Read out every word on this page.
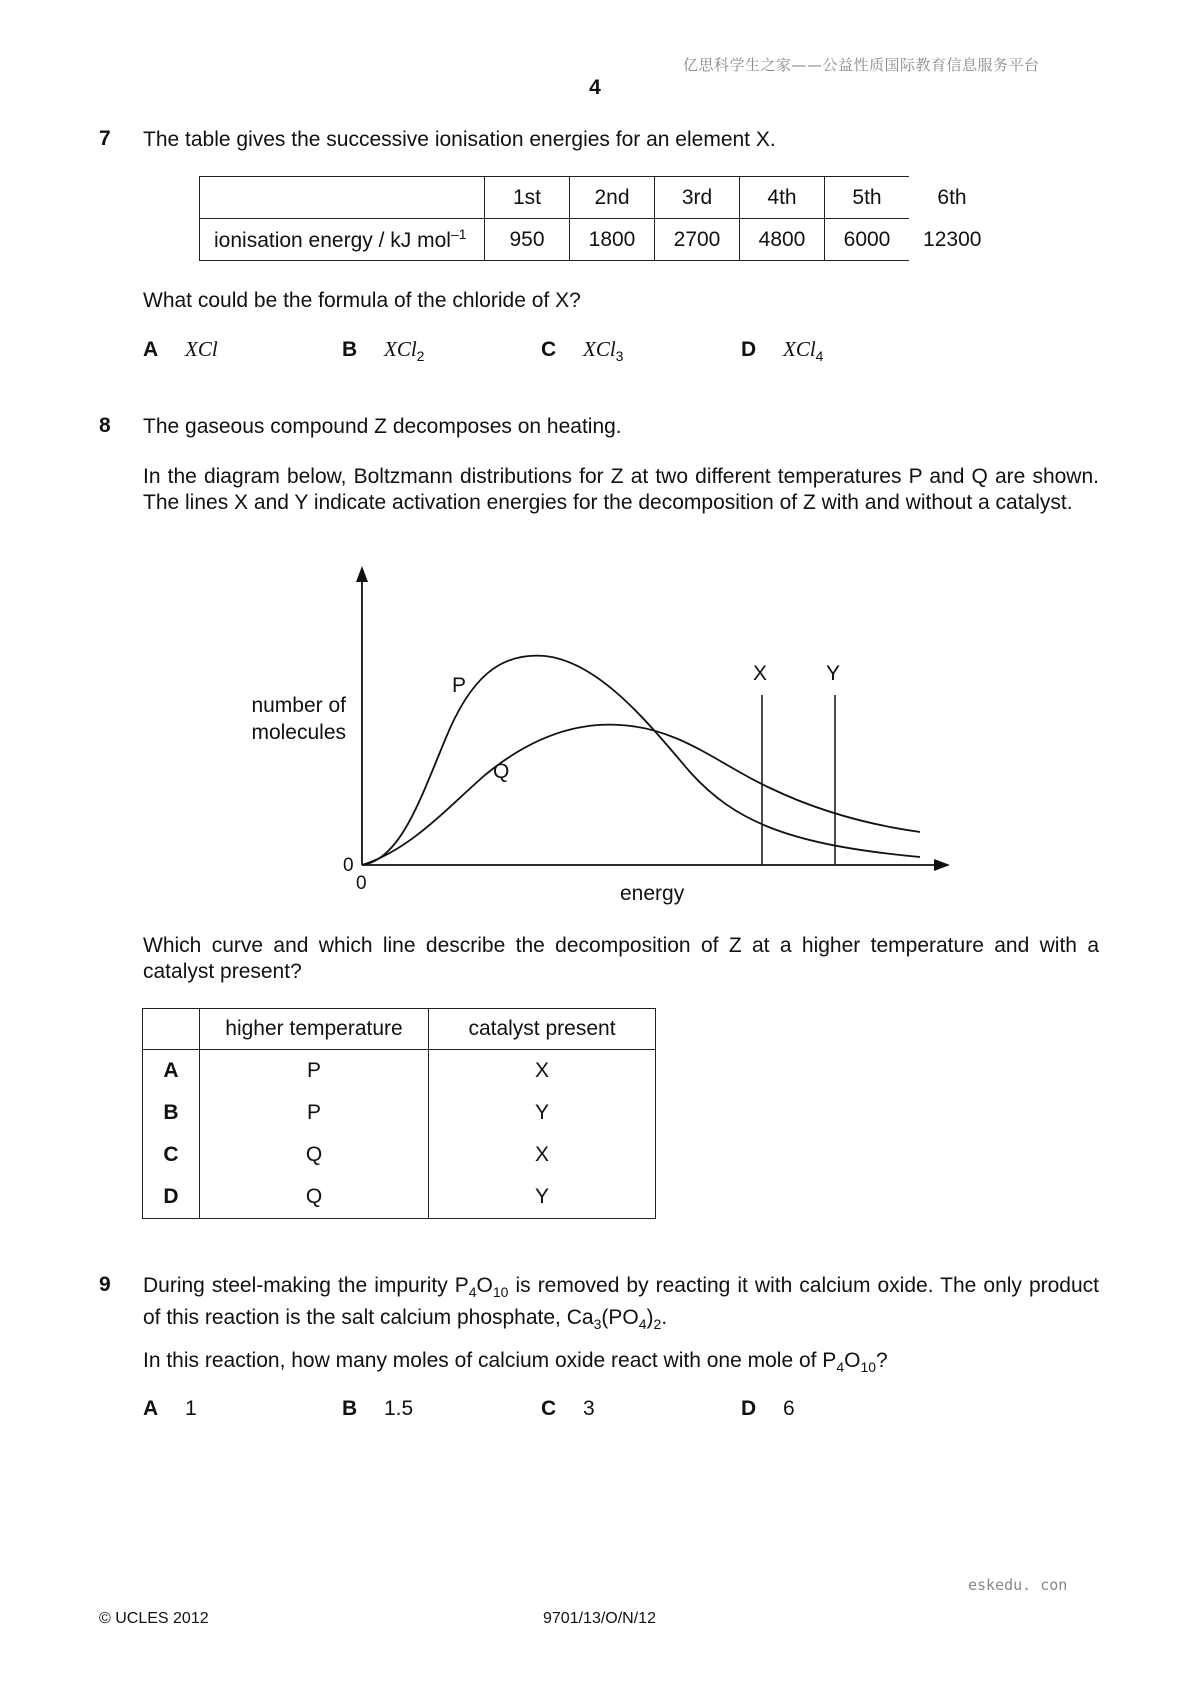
亿思科学生之家——公益性质国际教育信息服务平台
4
7 The table gives the successive ionisation energies for an element X.
	1st	2nd	3rd	4th	5th	6th
ionisation energy / kJ mol$^{-1}$	950	1800	2700	4800	6000	12300
What could be the formula of the chloride of X?
A XCl	B XCl$_2$	C XCl$_3$	D XCl$_4$
8 The gaseous compound Z decomposes on heating.
In the diagram below, Boltzmann distributions for Z at two different temperatures P and Q are shown. The lines X and Y indicate activation energies for the decomposition of Z with and without a catalyst.
X	Y
P
Q
number of
molecules
0
0	energy
Which curve and which line describe the decomposition of Z at a higher temperature and with a catalyst present?
	higher temperature	catalyst present
A	P	X
B	P	Y
C	Q	X
D	Q	Y
9 During steel-making the impurity $P_4O_{10}$ is removed by reacting it with calcium oxide. The only product of this reaction is the salt calcium phosphate, $Ca_3(PO_4)_2$.
In this reaction, how many moles of calcium oxide react with one mole of $P_4O_{10}$?
A 1	B 1.5	C 3	D 6
eskedu. con
© UCLES 2012	9701/13/O/N/12
